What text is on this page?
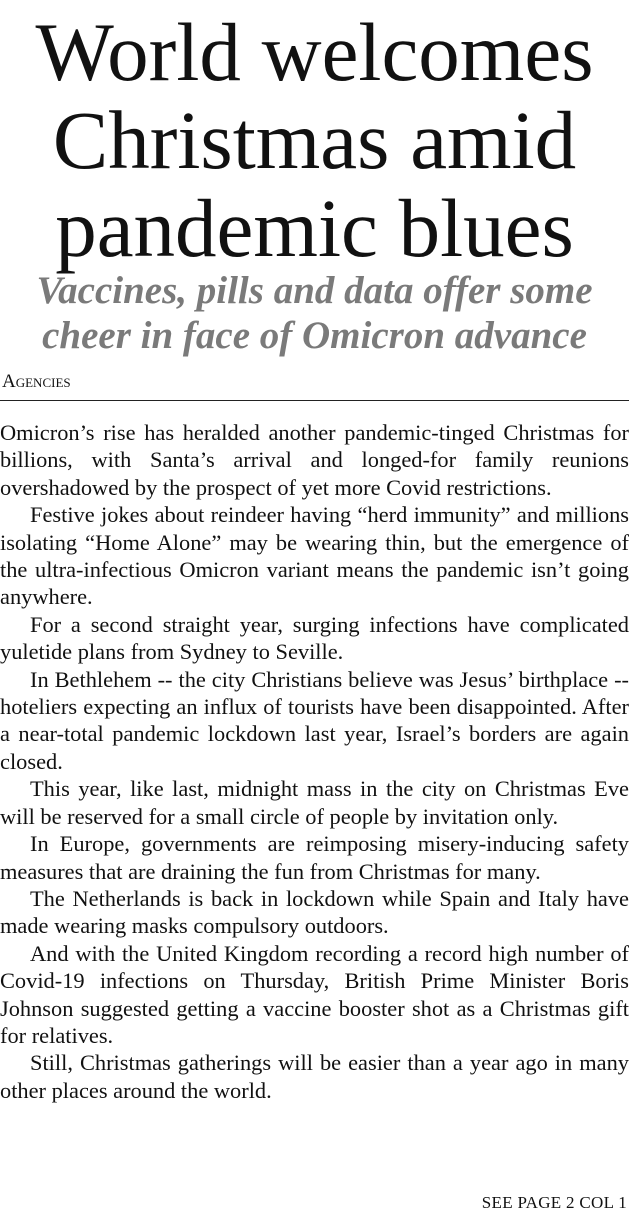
World welcomes Christmas amid pandemic blues
Vaccines, pills and data offer some cheer in face of Omicron advance
Agencies

Omicron’s rise has heralded another pandemic-tinged Christmas for billions, with Santa’s arrival and longed-for family reunions overshadowed by the prospect of yet more Covid restrictions.

Festive jokes about reindeer having “herd immunity” and millions isolating “Home Alone” may be wearing thin, but the emergence of the ultra-infectious Omicron variant means the pandemic isn’t going anywhere.

For a second straight year, surging infections have complicated yuletide plans from Sydney to Seville.

In Bethlehem -- the city Christians believe was Jesus’ birthplace -- hoteliers expecting an influx of tourists have been disappointed. After a near-total pandemic lockdown last year, Israel’s borders are again closed.

This year, like last, midnight mass in the city on Christmas Eve will be reserved for a small circle of people by invitation only.

In Europe, governments are reimposing misery-inducing safety measures that are draining the fun from Christmas for many.

The Netherlands is back in lockdown while Spain and Italy have made wearing masks compulsory outdoors.

And with the United Kingdom recording a record high number of Covid-19 infections on Thursday, British Prime Minister Boris Johnson suggested getting a vaccine booster shot as a Christmas gift for relatives.

Still, Christmas gatherings will be easier than a year ago in many other places around the world.

SEE PAGE 2 COL 1
